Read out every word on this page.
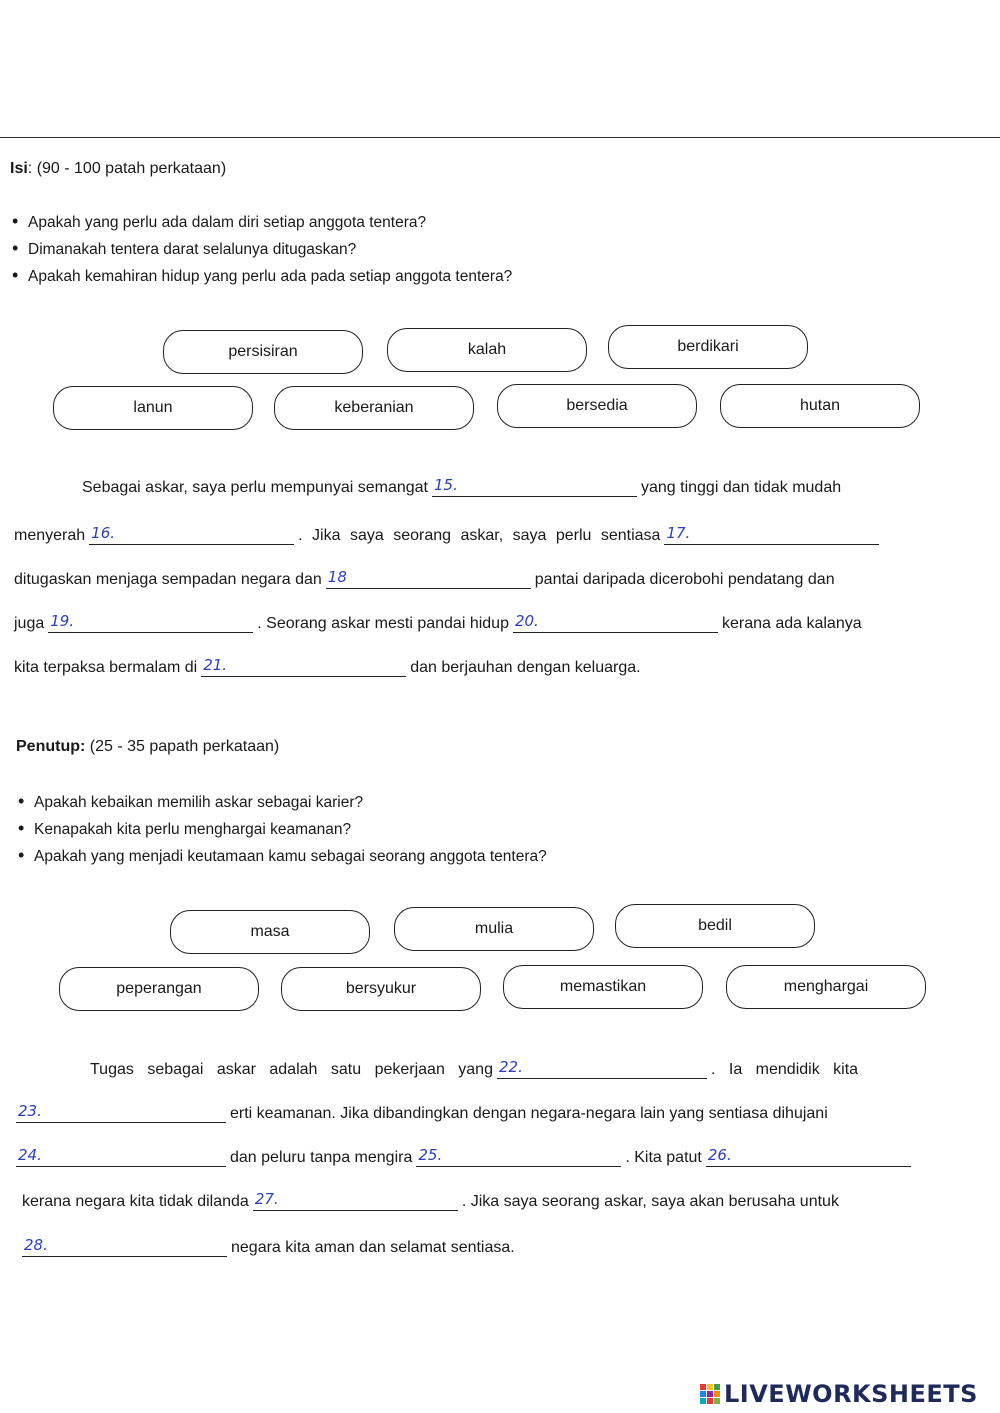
Isi: (90 - 100 patah perkataan)
• Apakah yang perlu ada dalam diri setiap anggota tentera?
• Dimanakah tentera darat selalunya ditugaskan?
• Apakah kemahiran hidup yang perlu ada pada setiap anggota tentera?
persisiran	kalah	berdikari
lanun	keberanian	bersedia	hutan
Sebagai askar, saya perlu mempunyai semangat 15.	yang tinggi dan tidak mudah
menyerah 16.	. Jika saya seorang askar, saya perlu sentiasa 17.
ditugaskan menjaga sempadan negara dan 18	pantai daripada dicerobohi pendatang dan
juga 19.	. Seorang askar mesti pandai hidup 20.	kerana ada kalanya
kita terpaksa bermalam di 21.	dan berjauhan dengan keluarga.
Penutup: (25 - 35 papath perkataan)
• Apakah kebaikan memilih askar sebagai karier?
• Kenapakah kita perlu menghargai keamanan?
• Apakah yang menjadi keutamaan kamu sebagai seorang anggota tentera?
masa	mulia	bedil
peperangan	bersyukur	memastikan	menghargai
Tugas sebagai askar adalah satu pekerjaan yang 22.	. Ia mendidik kita
23.	erti keamanan. Jika dibandingkan dengan negara-negara lain yang sentiasa dihujani
24.	dan peluru tanpa mengira 25.	. Kita patut 26.
kerana negara kita tidak dilanda 27.	. Jika saya seorang askar, saya akan berusaha untuk
28.	negara kita aman dan selamat sentiasa.
LIVEWORKSHEETS
